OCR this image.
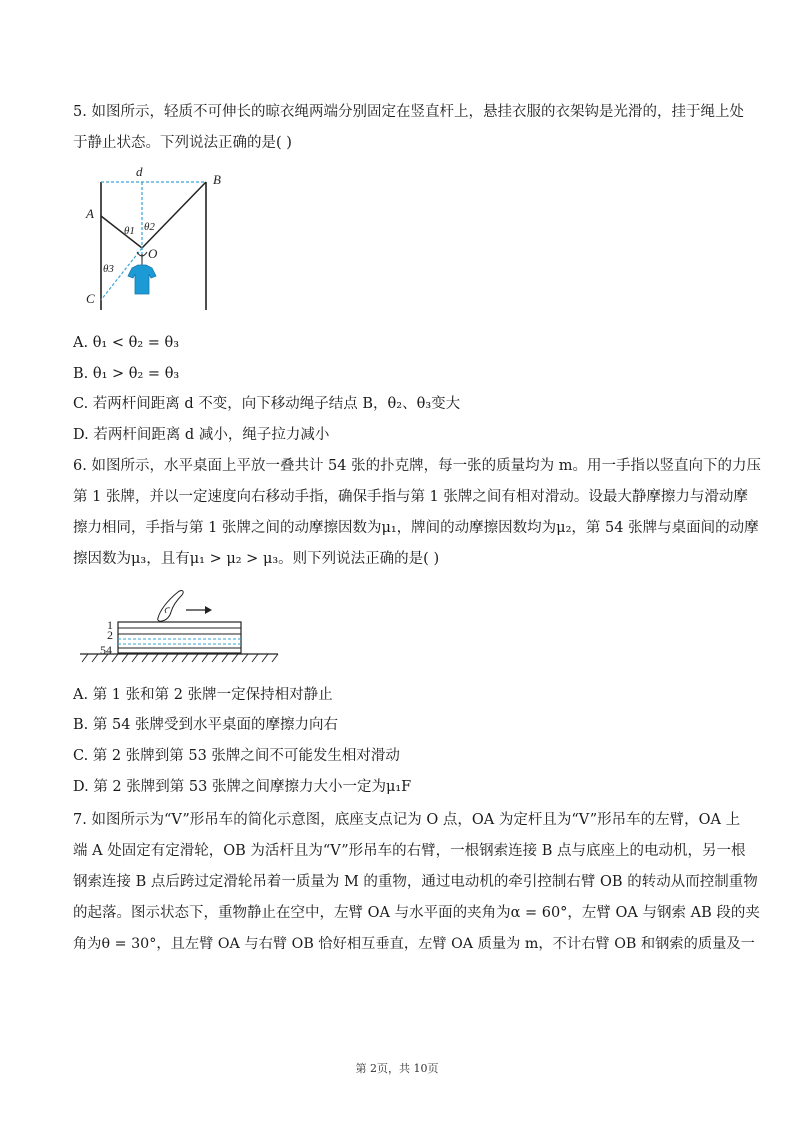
5. 如图所示，轻质不可伸长的晾衣绳两端分别固定在竖直杆上，悬挂衣服的衣架钩是光滑的，挂于绳上处
于静止状态。下列说法正确的是( )
d
A
B
C
O
θ1 θ2
θ3
A. θ₁ < θ₂ = θ₃
B. θ₁ > θ₂ = θ₃
C. 若两杆间距离 d 不变，向下移动绳子结点 B，θ₂、θ₃变大
D. 若两杆间距离 d 减小，绳子拉力减小
6. 如图所示，水平桌面上平放一叠共计 54 张的扑克牌，每一张的质量均为 m。用一手指以竖直向下的力压
第 1 张牌，并以一定速度向右移动手指，确保手指与第 1 张牌之间有相对滑动。设最大静摩擦力与滑动摩
擦力相同，手指与第 1 张牌之间的动摩擦因数为μ₁，牌间的动摩擦因数均为μ₂，第 54 张牌与桌面间的动摩
擦因数为μ₃，且有μ₁ > μ₂ > μ₃。则下列说法正确的是( )
1
2
54
A. 第 1 张和第 2 张牌一定保持相对静止
B. 第 54 张牌受到水平桌面的摩擦力向右
C. 第 2 张牌到第 53 张牌之间不可能发生相对滑动
D. 第 2 张牌到第 53 张牌之间摩擦力大小一定为μ₁F
7. 如图所示为“V”形吊车的简化示意图，底座支点记为 O 点，OA 为定杆且为“V”形吊车的左臂，OA 上
端 A 处固定有定滑轮，OB 为活杆且为“V”形吊车的右臂，一根钢索连接 B 点与底座上的电动机，另一根
钢索连接 B 点后跨过定滑轮吊着一质量为 M 的重物，通过电动机的牵引控制右臂 OB 的转动从而控制重物
的起落。图示状态下，重物静止在空中，左臂 OA 与水平面的夹角为α = 60°，左臂 OA 与钢索 AB 段的夹
角为θ = 30°，且左臂 OA 与右臂 OB 恰好相互垂直，左臂 OA 质量为 m，不计右臂 OB 和钢索的质量及一
第 2页，共 10页
